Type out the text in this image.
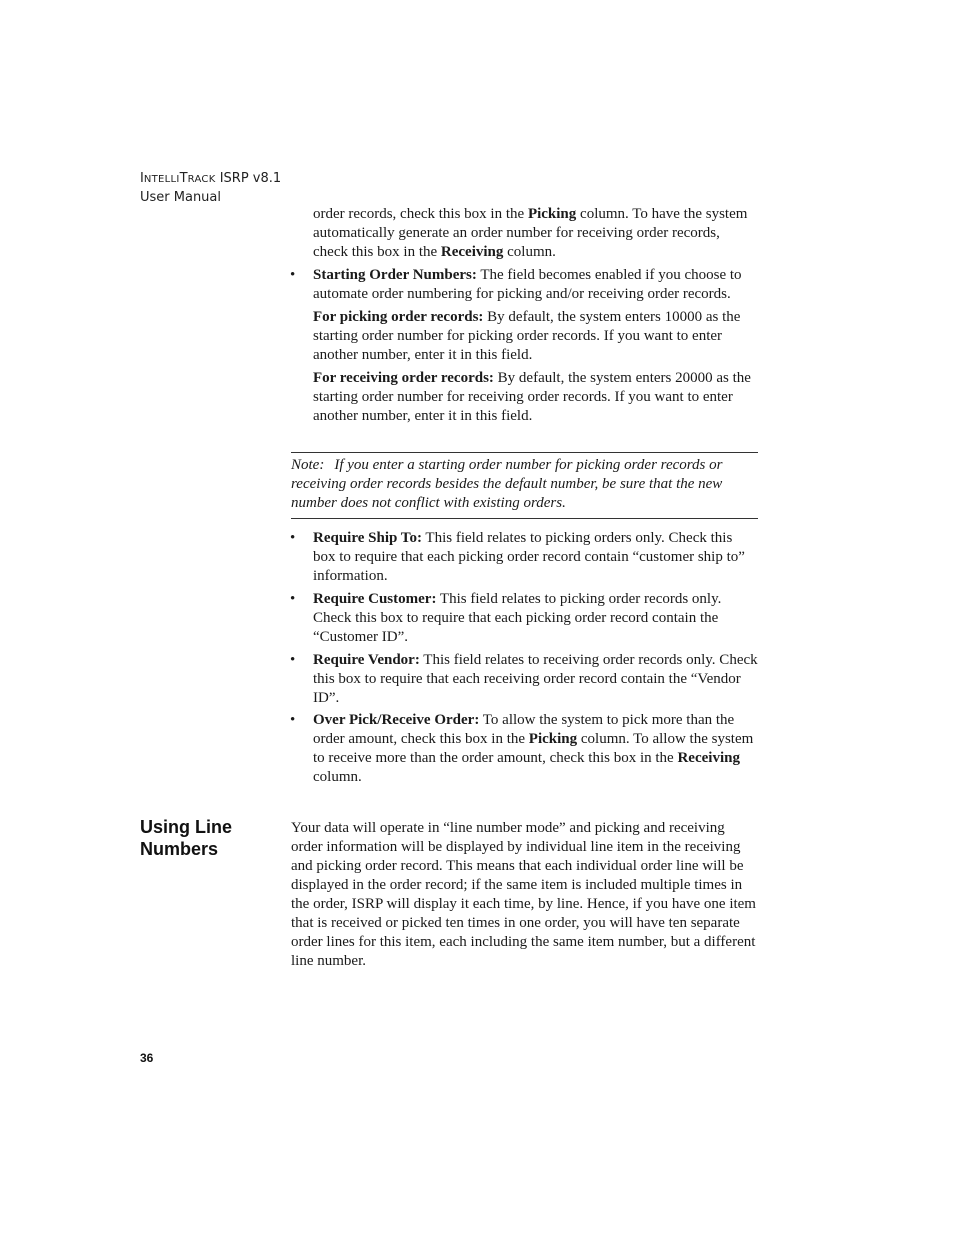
INTELLITRACK ISRP v8.1
User Manual
order records, check this box in the Picking column. To have the system automatically generate an order number for receiving order records, check this box in the Receiving column.
• Starting Order Numbers: The field becomes enabled if you choose to automate order numbering for picking and/or receiving order records.
For picking order records: By default, the system enters 10000 as the starting order number for picking order records. If you want to enter another number, enter it in this field.
For receiving order records: By default, the system enters 20000 as the starting order number for receiving order records. If you want to enter another number, enter it in this field.
Note: If you enter a starting order number for picking order records or receiving order records besides the default number, be sure that the new number does not conflict with existing orders.
• Require Ship To: This field relates to picking orders only. Check this box to require that each picking order record contain “customer ship to” information.
• Require Customer: This field relates to picking order records only. Check this box to require that each picking order record contain the “Customer ID”.
• Require Vendor: This field relates to receiving order records only. Check this box to require that each receiving order record contain the “Vendor ID”.
• Over Pick/Receive Order: To allow the system to pick more than the order amount, check this box in the Picking column. To allow the system to receive more than the order amount, check this box in the Receiving column.
Using Line Numbers
Your data will operate in “line number mode” and picking and receiving order information will be displayed by individual line item in the receiving and picking order record. This means that each individual order line will be displayed in the order record; if the same item is included multiple times in the order, ISRP will display it each time, by line. Hence, if you have one item that is received or picked ten times in one order, you will have ten separate order lines for this item, each including the same item number, but a different line number.
36
